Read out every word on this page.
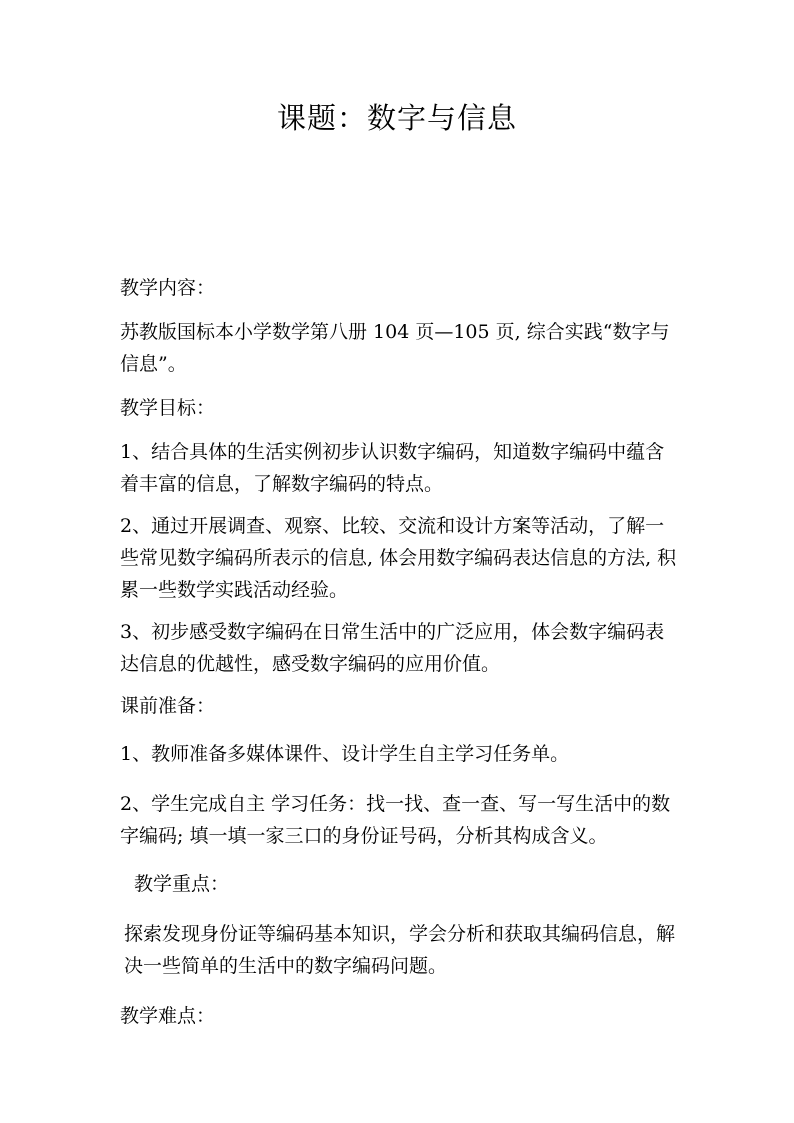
课题：数字与信息
教学内容：
苏教版国标本小学数学第八册 104 页—105 页, 综合实践“数字与信息”。
教学目标：
1、结合具体的生活实例初步认识数字编码，知道数字编码中蕴含着丰富的信息，了解数字编码的特点。
2、通过开展调查、观察、比较、交流和设计方案等活动，了解一些常见数字编码所表示的信息, 体会用数字编码表达信息的方法, 积累一些数学实践活动经验。
3、初步感受数字编码在日常生活中的广泛应用，体会数字编码表达信息的优越性，感受数字编码的应用价值。
课前准备：
1、教师准备多媒体课件、设计学生自主学习任务单。
2、学生完成自主 学习任务：找一找、查一查、写一写生活中的数字编码; 填一填一家三口的身份证号码，分析其构成含义。
教学重点：
探索发现身份证等编码基本知识，学会分析和获取其编码信息，解决一些简单的生活中的数字编码问题。
教学难点：
